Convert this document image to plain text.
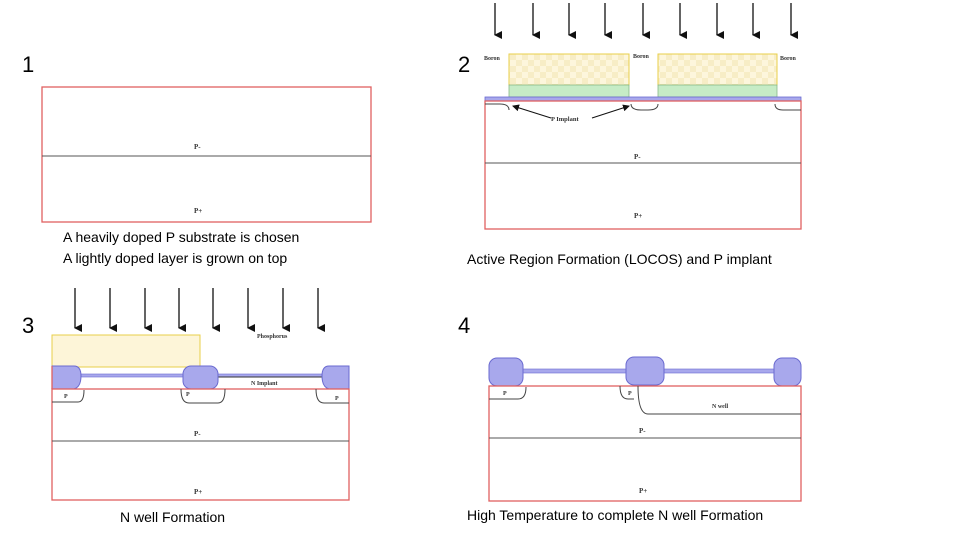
1	2
3	4
A heavily doped P substrate is chosen
A lightly doped layer is grown on top	Active Region Formation (LOCOS) and P implant
N well Formation	High Temperature to complete N well Formation
P-
P+
Boron	Boron	Boron
P Implant
P-
P+
Phosphorus
P	P
P
N Implant
P-
P+
P	P
N well
P-
P+
